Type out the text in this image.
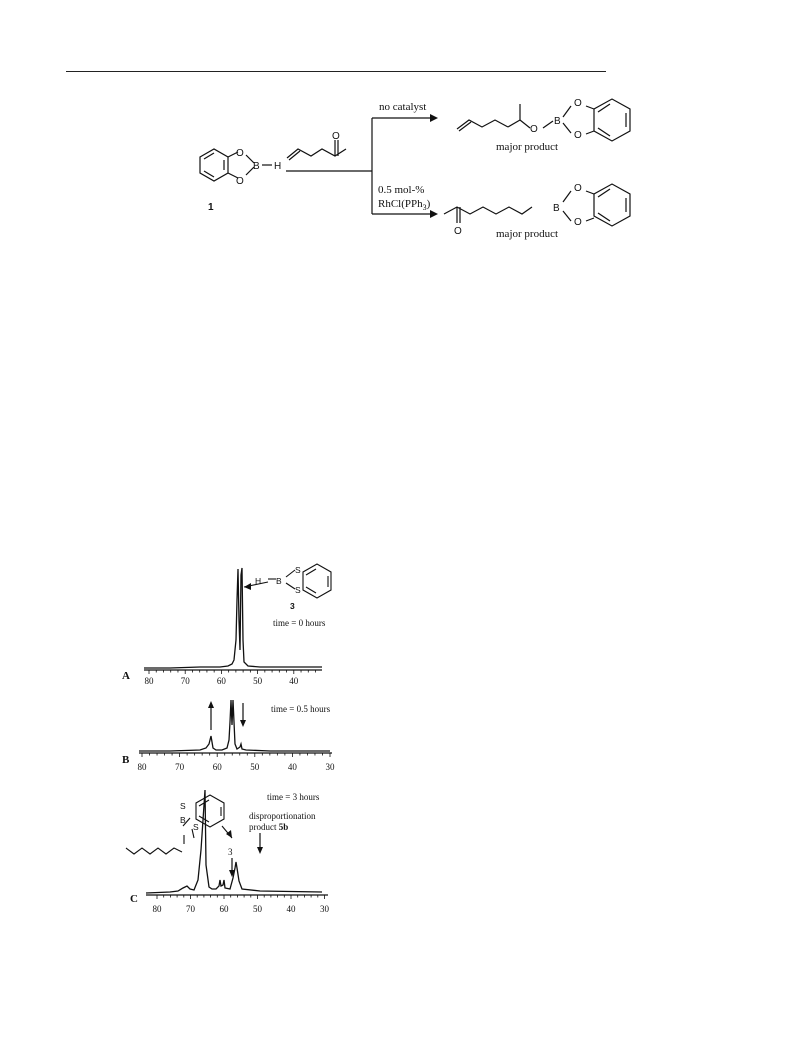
O
O
B H
1
O
no catalyst
0.5 mol-%
RhCl(PPh$_3$)
O
B
O
O
major product
O
B
O
O
major product
80	70	60	50	40
80	70	60	50	40	30
80	70	60	50	40	30
H B
S
S
3
time = 0 hours
time = 0.5 hours
B
S
S
time = 3 hours
3
disproportionation
product 5b
A
B
C
